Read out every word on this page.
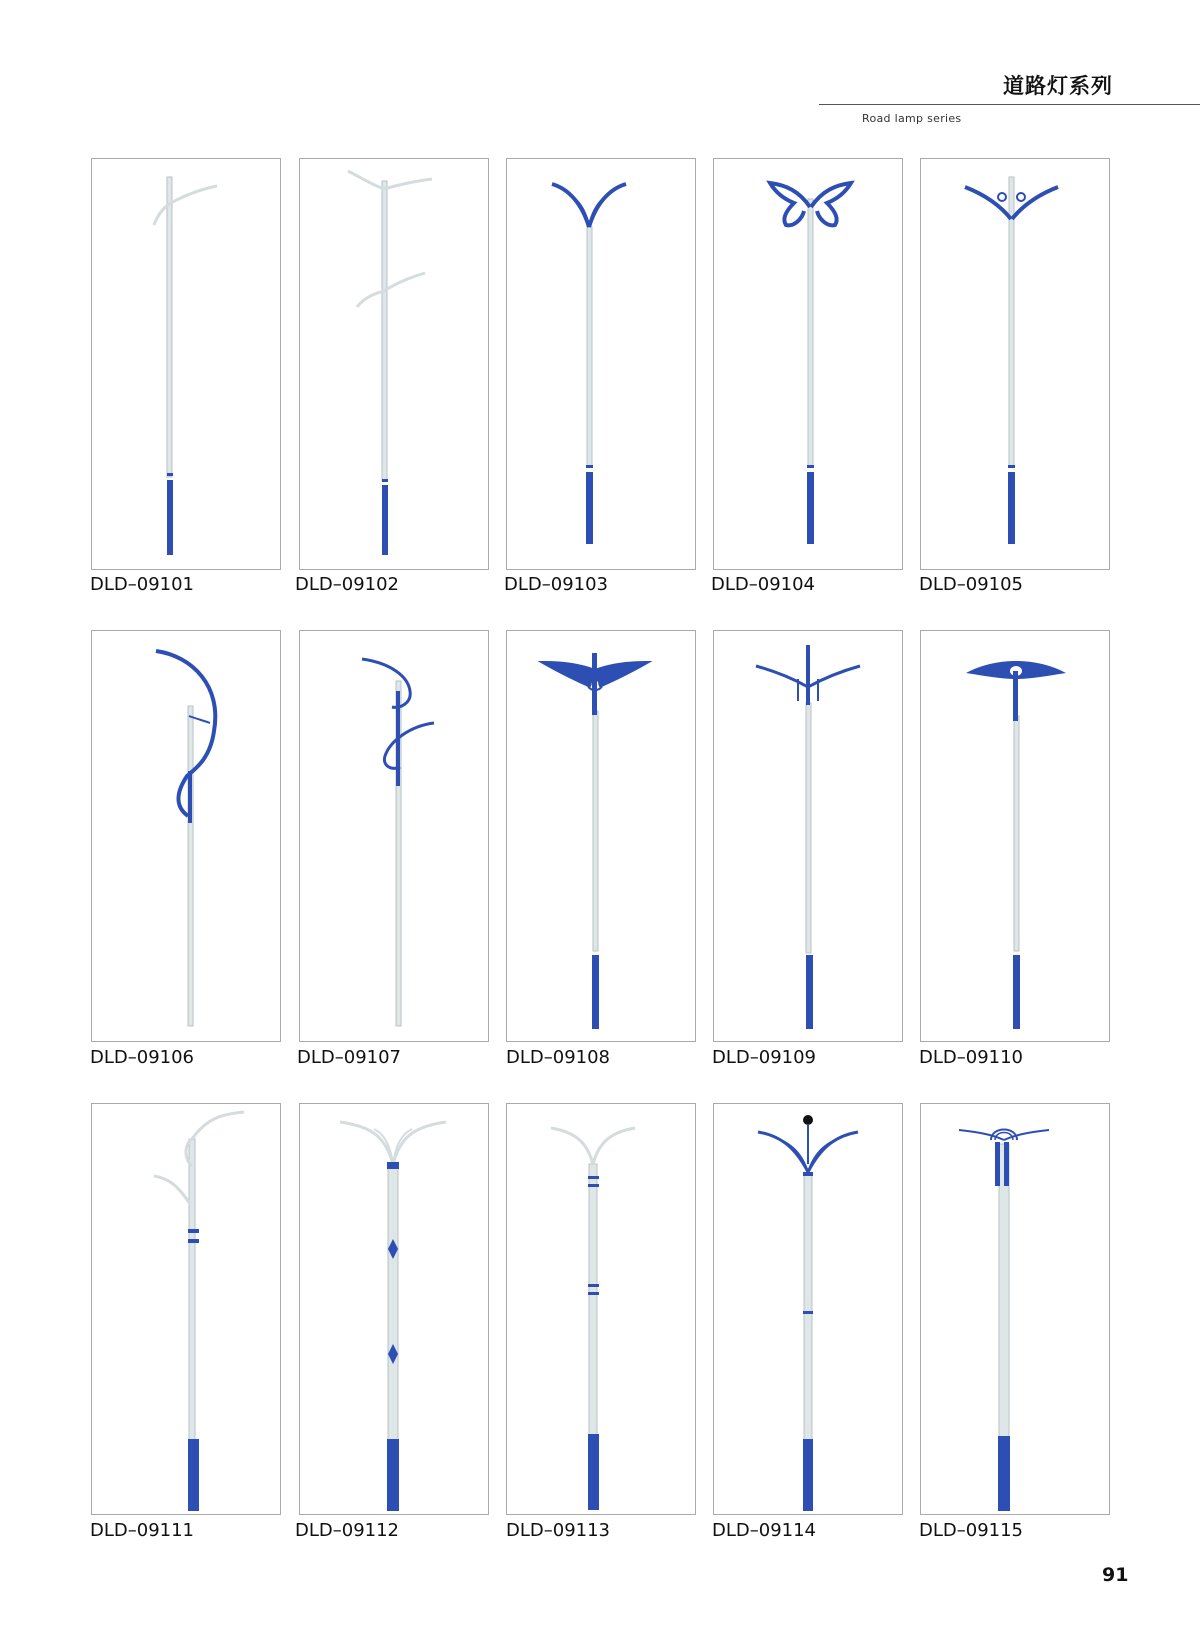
道路灯系列
Road lamp series
DLD–09101	DLD–09102	DLD–09103	DLD–09104	DLD–09105
DLD–09106	DLD–09107	DLD–09108	DLD–09109	DLD–09110
DLD–09111	DLD–09112	DLD–09113	DLD–09114	DLD–09115
91
